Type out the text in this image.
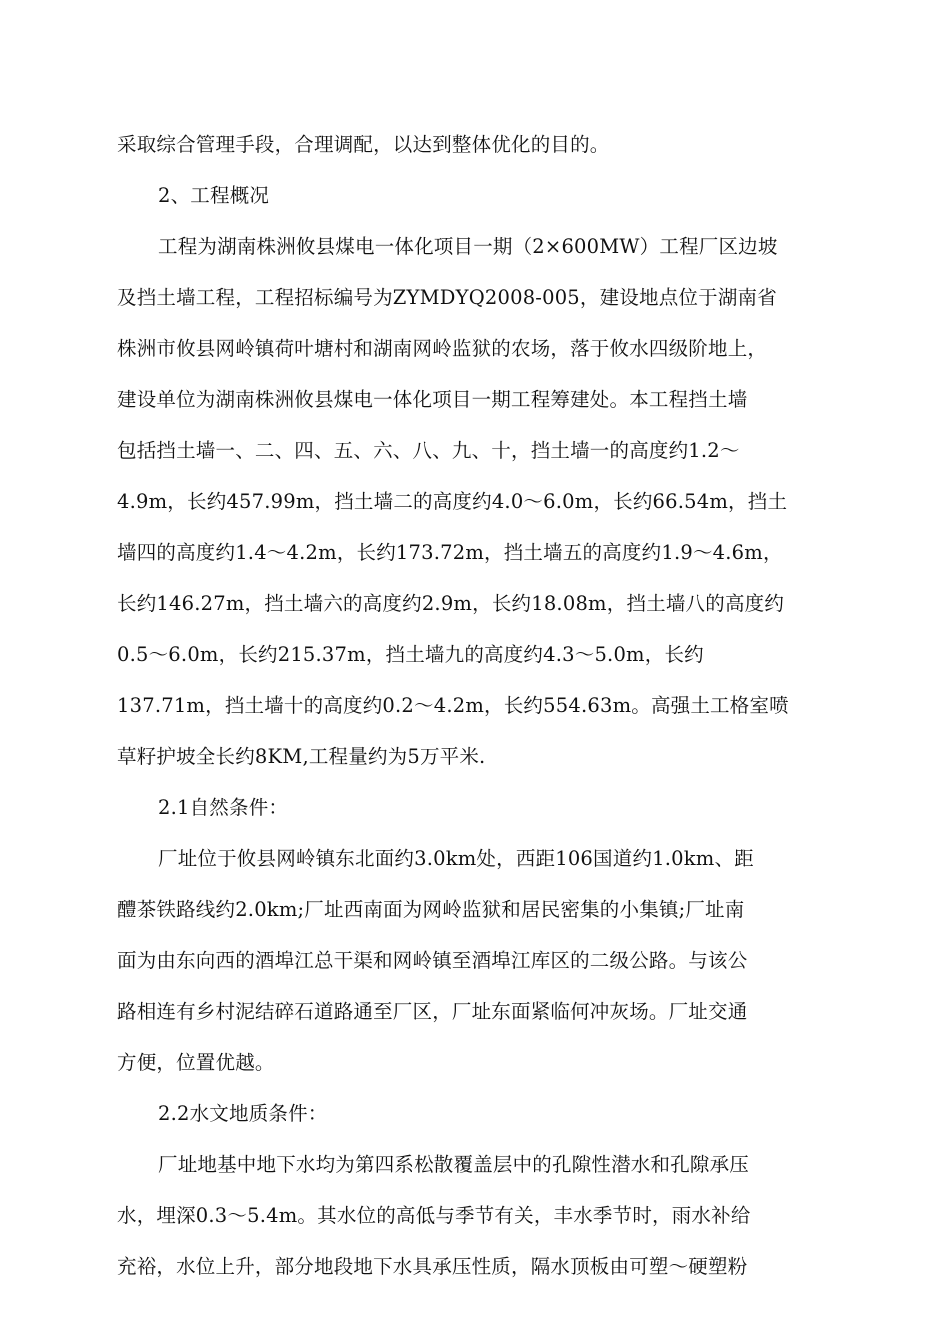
采取综合管理手段，合理调配，以达到整体优化的目的。
2、工程概况
工程为湖南株洲攸县煤电一体化项目一期（2×600MW）工程厂区边坡
及挡土墙工程，工程招标编号为ZYMDYQ2008-005，建设地点位于湖南省
株洲市攸县网岭镇荷叶塘村和湖南网岭监狱的农场，落于攸水四级阶地上，
建设单位为湖南株洲攸县煤电一体化项目一期工程筹建处。本工程挡土墙
包括挡土墙一、二、四、五、六、八、九、十，挡土墙一的高度约1.2～
4.9m，长约457.99m，挡土墙二的高度约4.0～6.0m，长约66.54m，挡土
墙四的高度约1.4～4.2m，长约173.72m，挡土墙五的高度约1.9～4.6m，
长约146.27m，挡土墙六的高度约2.9m，长约18.08m，挡土墙八的高度约
0.5～6.0m，长约215.37m，挡土墙九的高度约4.3～5.0m，长约
137.71m，挡土墙十的高度约0.2～4.2m，长约554.63m。高强土工格室喷
草籽护坡全长约8KM,工程量约为5万平米.
2.1自然条件：
厂址位于攸县网岭镇东北面约3.0km处，西距106国道约1.0km、距
醴茶铁路线约2.0km;厂址西南面为网岭监狱和居民密集的小集镇;厂址南
面为由东向西的酒埠江总干渠和网岭镇至酒埠江库区的二级公路。与该公
路相连有乡村泥结碎石道路通至厂区，厂址东面紧临何冲灰场。厂址交通
方便，位置优越。
2.2水文地质条件：
厂址地基中地下水均为第四系松散覆盖层中的孔隙性潜水和孔隙承压
水，埋深0.3～5.4m。其水位的高低与季节有关，丰水季节时，雨水补给
充裕，水位上升，部分地段地下水具承压性质，隔水顶板由可塑～硬塑粉
